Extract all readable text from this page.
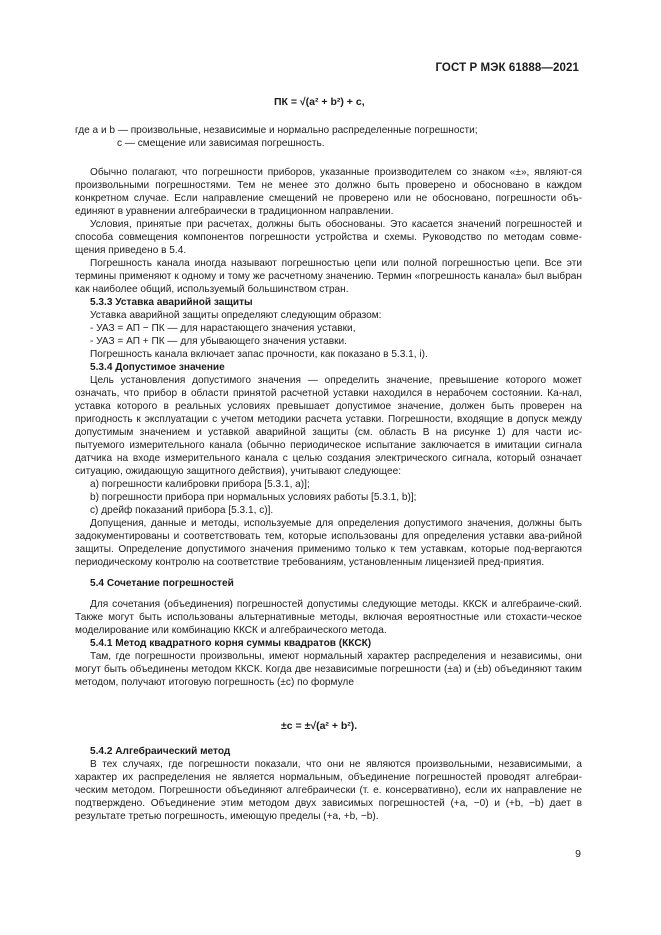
ГОСТ Р МЭК 61888—2021
ПК = √(a² + b²) + c,

где a и b — произвольные, независимые и нормально распределенные погрешности;

c — смещение или зависимая погрешность.

Обычно полагают, что погрешности приборов, указанные производителем со знаком «±», являют-ся произвольными погрешностями. Тем не менее это должно быть проверено и обосновано в каждом конкретном случае. Если направление смещений не проверено или не обосновано, погрешности объ-единяют в уравнении алгебраически в традиционном направлении.

Условия, принятые при расчетах, должны быть обоснованы. Это касается значений погрешностей и способа совмещения компонентов погрешности устройства и схемы. Руководство по методам совме-щения приведено в 5.4.

Погрешность канала иногда называют погрешностью цепи или полной погрешностью цепи. Все эти термины применяют к одному и тому же расчетному значению. Термин «погрешность канала» был выбран как наиболее общий, используемый большинством стран.

5.3.3 Уставка аварийной защиты

Уставка аварийной защиты определяют следующим образом:

- УАЗ = АП − ПК — для нарастающего значения уставки,

- УАЗ = АП + ПК — для убывающего значения уставки.

Погрешность канала включает запас прочности, как показано в 5.3.1, i).

5.3.4 Допустимое значение

Цель установления допустимого значения — определить значение, превышение которого может означать, что прибор в области принятой расчетной уставки находился в нерабочем состоянии. Ка-нал, уставка которого в реальных условиях превышает допустимое значение, должен быть проверен на пригодность к эксплуатации с учетом методики расчета уставки. Погрешности, входящие в допуск между допустимым значением и уставкой аварийной защиты (см. область B на рисунке 1) для части ис-пытуемого измерительного канала (обычно периодическое испытание заключается в имитации сигнала датчика на входе измерительного канала с целью создания электрического сигнала, который означает ситуацию, ожидающую защитного действия), учитывают следующее:

a) погрешности калибровки прибора [5.3.1, a)];

b) погрешности прибора при нормальных условиях работы [5.3.1, b)];

c) дрейф показаний прибора [5.3.1, c)].

Допущения, данные и методы, используемые для определения допустимого значения, должны быть задокументированы и соответствовать тем, которые использованы для определения уставки ава-рийной защиты. Определение допустимого значения применимо только к тем уставкам, которые под-вергаются периодическому контролю на соответствие требованиям, установленным лицензией пред-приятия.

5.4 Сочетание погрешностей

Для сочетания (объединения) погрешностей допустимы следующие методы. ККСК и алгебраиче-ский. Также могут быть использованы альтернативные методы, включая вероятностные или стохасти-ческое моделирование или комбинацию ККСК и алгебраического метода.

5.4.1 Метод квадратного корня суммы квадратов (ККСК)

Там, где погрешности произвольны, имеют нормальный характер распределения и независимы, они могут быть объединены методом ККСК. Когда две независимые погрешности (±a) и (±b) объединяют таким методом, получают итоговую погрешность (±c) по формуле

±c = ±√(a² + b²).

5.4.2 Алгебраический метод

В тех случаях, где погрешности показали, что они не являются произвольными, независимыми, а характер их распределения не является нормальным, объединение погрешностей проводят алгебраи-ческим методом. Погрешности объединяют алгебраически (т. е. консервативно), если их направление не подтверждено. Объединение этим методом двух зависимых погрешностей (+a, −0) и (+b, −b) дает в результате третью погрешность, имеющую пределы (+a, +b, −b).

9
